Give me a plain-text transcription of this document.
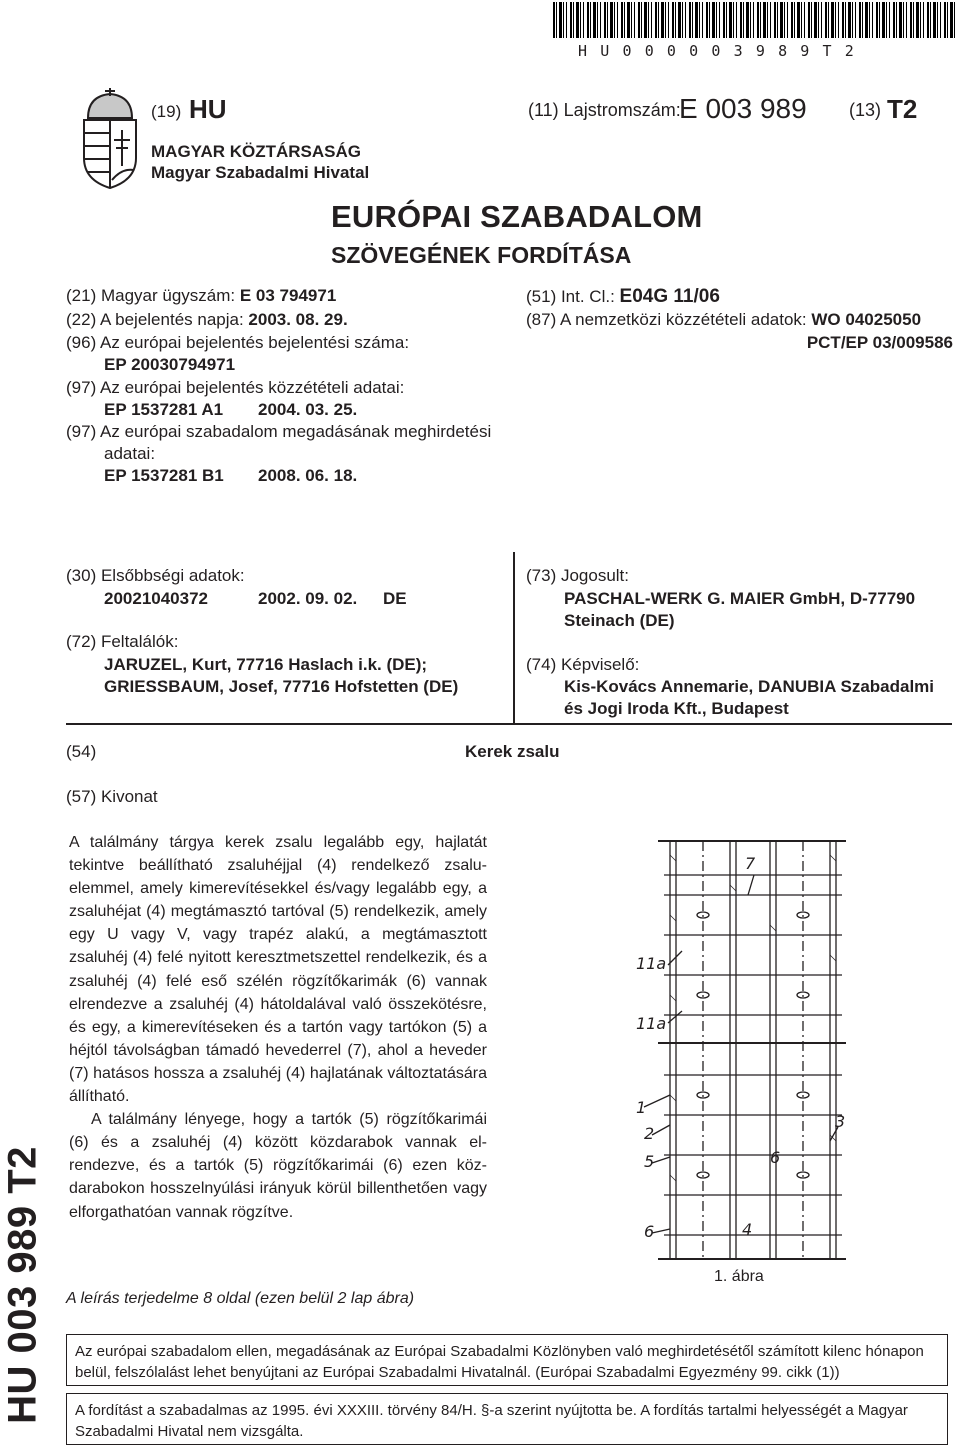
HU000003989T2
(19) HU	(11) Lajstromszám:
E 003 989 (13) T2
MAGYAR KÖZTÁRSASÁG
Magyar Szabadalmi Hivatal
EURÓPAI SZABADALOM
SZÖVEGÉNEK FORDÍTÁSA
(21) Magyar ügyszám: E 03 794971
(22) A bejelentés napja: 2003. 08. 29.
(96) Az európai bejelentés bejelentési száma:
EP 20030794971
(97) Az európai bejelentés közzétételi adatai:
EP 1537281 A1 2004. 03. 25.
(97) Az európai szabadalom megadásának meghirdetési
adatai:
EP 1537281 B1 2008. 06. 18.
(51) Int. Cl.: E04G 11/06
(87) A nemzetközi közzétételi adatok: WO 04025050
PCT/EP 03/009586
(30) Elsőbbségi adatok:
20021040372	2002. 09. 02. DE
(72) Feltalálók:
JARUZEL, Kurt, 77716 Haslach i.k. (DE);
GRIESSBAUM, Josef, 77716 Hofstetten (DE)
(73) Jogosult:
PASCHAL-WERK G. MAIER GmbH, D-77790
Steinach (DE)
(74) Képviselő:
Kis-Kovács Annemarie, DANUBIA Szabadalmi
és Jogi Iroda Kft., Budapest
(54)	Kerek zsalu
(57) Kivonat

A találmány tárgya kerek zsalu legalább egy, hajlatát tekintve beállítható zsaluhéjjal (4) rendelkező zsaluelemmel, amely kimerevítésekkel és/vagy legalább egy, a zsaluhéjat (4) megtámasztó tartóval (5) rendelkezik, amely egy U vagy V, vagy trapéz alakú, a megtámasztott zsaluhéj (4) felé nyitott keresztmetszettel rendelkezik, és a zsaluhéj (4) felé eső szélén rögzítőkarimák (6) vannak elrendezve a zsaluhéj (4) hátoldalával való összekötésre, és egy, a kimerevítéseken és a tartón vagy tartókon (5) a héjtól távolságban támadó hevederrel (7), ahol a heveder (7) hatásos hossza a zsaluhéj (4) hajlatának változtatására állítható.

A találmány lényege, hogy a tartók (5) rögzítőkarimái (6) és a zsaluhéj (4) között közdarabok vannak elrendezve, és a tartók (5) rögzítőkarimái (6) ezen közdarabokon hosszelnyúlási irányuk körül billenthetően vagy elforgathatóan vannak rögzítve.

7
11a
11a
1
2
5	6
3
6	4
1. ábra
A leírás terjedelme 8 oldal (ezen belül 2 lap ábra)
Az európai szabadalom ellen, megadásának az Európai Szabadalmi Közlönyben való meghirdetésétől számított kilenc hónapon belül, felszólalást lehet benyújtani az Európai Szabadalmi Hivatalnál. (Európai Szabadalmi Egyezmény 99. cikk (1))
A fordítást a szabadalmas az 1995. évi XXXIII. törvény 84/H. §-a szerint nyújtotta be. A fordítás tartalmi helyességét a Magyar Szabadalmi Hivatal nem vizsgálta.
HU 003 989 T2
